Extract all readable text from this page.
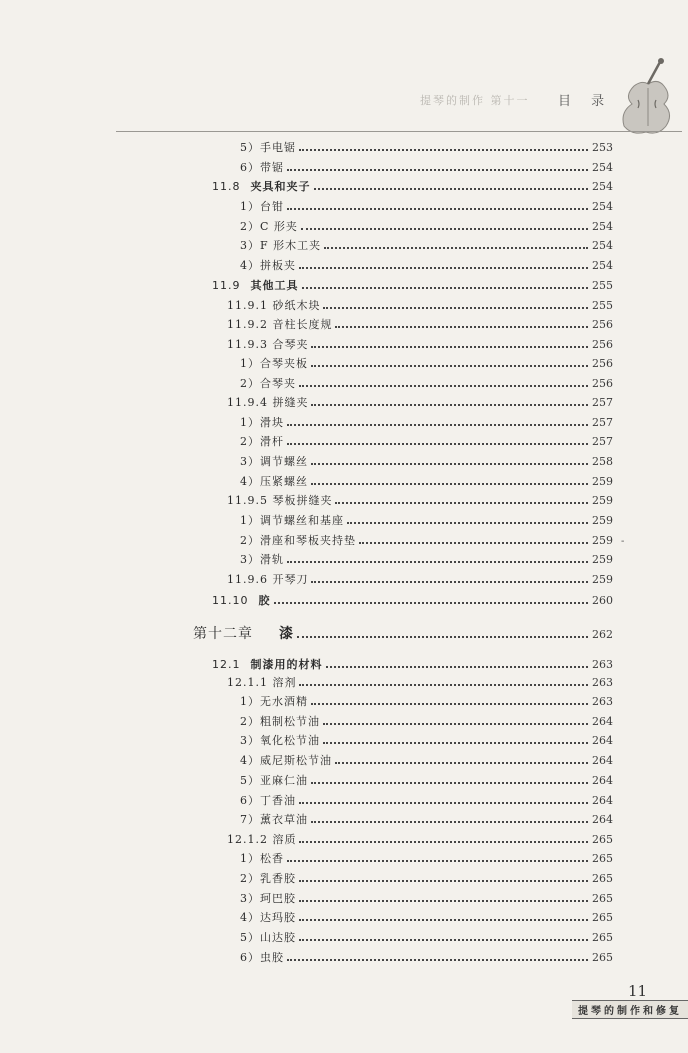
提琴的制作 第十一 目 录
5）手电锯	253
6）带锯	254
11.8 夹具和夹子	254
1）台钳	254
2）C 形夹	254
3）F 形木工夹	254
4）拼板夹	254
11.9 其他工具	255
11.9.1 砂纸木块	255
11.9.2 音柱长度规	256
11.9.3 合琴夹	256
1）合琴夹板	256
2）合琴夹	256
11.9.4 拼缝夹	257
1）滑块	257
2）滑杆	257
3）调节螺丝	258
4）压紧螺丝	259
11.9.5 琴板拼缝夹	259
1）调节螺丝和基座	259
2）滑座和琴板夹持垫	259
3）滑轨	259
11.9.6 开琴刀	259
11.10 胶	260
第十二章 漆	262
12.1 制漆用的材料	263
12.1.1 溶剂	263
1）无水酒精	263
2）粗制松节油	264
3）氧化松节油	264
4）威尼斯松节油	264
5）亚麻仁油	264
6）丁香油	264
7）薰衣草油	264
12.1.2 溶质	265
1）松香	265
2）乳香胶	265
3）珂巴胶	265
4）达玛胶	265
5）山达胶	265
6）虫胶	265
-
11
提琴的制作和修复
